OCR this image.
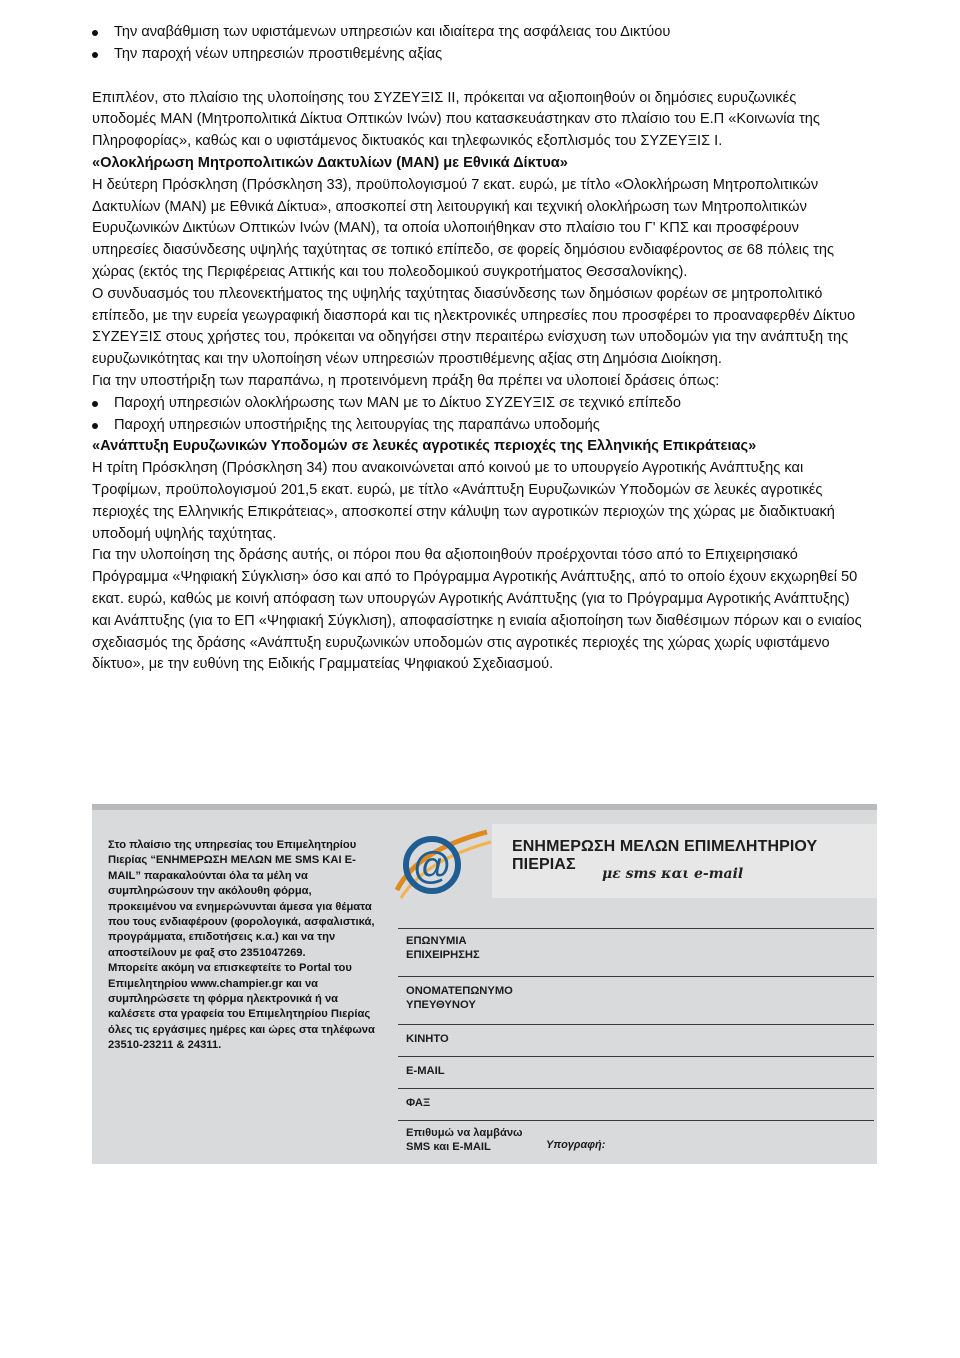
Την αναβάθμιση των υφιστάμενων υπηρεσιών και ιδιαίτερα της ασφάλειας του Δικτύου
Την παροχή νέων υπηρεσιών προστιθεμένης αξίας

Επιπλέον, στο πλαίσιο της υλοποίησης του ΣΥΖΕΥΞΙΣ ΙΙ, πρόκειται να αξιοποιηθούν οι δημόσιες ευρυζωνικές υποδομές ΜΑΝ (Μητροπολιτικά Δίκτυα Οπτικών Ινών) που κατασκευάστηκαν στο πλαίσιο του Ε.Π «Κοινωνία της Πληροφορίας», καθώς και ο υφιστάμενος δικτυακός και τηλεφωνικός εξοπλισμός του ΣΥΖΕΥΞΙΣ Ι.

«Ολοκλήρωση Μητροπολιτικών Δακτυλίων (MAN) με Εθνικά Δίκτυα»

Η δεύτερη Πρόσκληση (Πρόσκληση 33), προϋπολογισμού 7 εκατ. ευρώ, με τίτλο «Ολοκλήρωση Μητροπολιτικών Δακτυλίων (MAN) με Εθνικά Δίκτυα», αποσκοπεί στη λειτουργική και τεχνική ολοκλήρωση των Μητροπολιτικών Ευρυζωνικών Δικτύων Οπτικών Ινών (MAN), τα οποία υλοποιήθηκαν στο πλαίσιο του Γ' ΚΠΣ και προσφέρουν υπηρεσίες διασύνδεσης υψηλής ταχύτητας σε τοπικό επίπεδο, σε φορείς δημόσιου ενδιαφέροντος σε 68 πόλεις της χώρας (εκτός της Περιφέρειας Αττικής και του πολεοδομικού συγκροτήματος Θεσσαλονίκης).

Ο συνδυασμός του πλεονεκτήματος της υψηλής ταχύτητας διασύνδεσης των δημόσιων φορέων σε μητροπολιτικό επίπεδο, με την ευρεία γεωγραφική διασπορά και τις ηλεκτρονικές υπηρεσίες που προσφέρει το προαναφερθέν Δίκτυο ΣΥΖΕΥΞΙΣ στους χρήστες του, πρόκειται να οδηγήσει στην περαιτέρω ενίσχυση των υποδομών για την ανάπτυξη της ευρυζωνικότητας και την υλοποίηση νέων υπηρεσιών προστιθέμενης αξίας στη Δημόσια Διοίκηση.

Για την υποστήριξη των παραπάνω, η προτεινόμενη πράξη θα πρέπει να υλοποιεί δράσεις όπως:

Παροχή υπηρεσιών ολοκλήρωσης των MAN με το Δίκτυο ΣΥΖΕΥΞΙΣ σε τεχνικό επίπεδο
Παροχή υπηρεσιών υποστήριξης της λειτουργίας της παραπάνω υποδομής

«Ανάπτυξη Ευρυζωνικών Υποδομών σε λευκές αγροτικές περιοχές της Ελληνικής Επικράτειας»

Η τρίτη Πρόσκληση (Πρόσκληση 34) που ανακοινώνεται από κοινού με το υπουργείο Αγροτικής Ανάπτυξης και Τροφίμων, προϋπολογισμού 201,5 εκατ. ευρώ, με τίτλο «Ανάπτυξη Ευρυζωνικών Υποδομών σε λευκές αγροτικές περιοχές της Ελληνικής Επικράτειας», αποσκοπεί στην κάλυψη των αγροτικών περιοχών της χώρας με διαδικτυακή υποδομή υψηλής ταχύτητας.

Για την υλοποίηση της δράσης αυτής, οι πόροι που θα αξιοποιηθούν προέρχονται τόσο από το Επιχειρησιακό Πρόγραμμα «Ψηφιακή Σύγκλιση» όσο και από το Πρόγραμμα Αγροτικής Ανάπτυξης, από το οποίο έχουν εκχωρηθεί 50 εκατ. ευρώ, καθώς με κοινή απόφαση των υπουργών Αγροτικής Ανάπτυξης (για το Πρόγραμμα Αγροτικής Ανάπτυξης) και Ανάπτυξης (για το ΕΠ «Ψηφιακή Σύγκλιση), αποφασίστηκε η ενιαία αξιοποίηση των διαθέσιμων πόρων και ο ενιαίος σχεδιασμός της δράσης «Ανάπτυξη ευρυζωνικών υποδομών στις αγροτικές περιοχές της χώρας χωρίς υφιστάμενο δίκτυο», με την ευθύνη της Ειδικής Γραμματείας Ψηφιακού Σχεδιασμού.

Στο πλαίσιο της υπηρεσίας του Επιμελητηρίου Πιερίας “ΕΝΗΜΕΡΩΣΗ ΜΕΛΩΝ ΜΕ SMS ΚΑΙ E-MAIL” παρακαλούνται όλα τα μέλη να συμπληρώσουν την ακόλουθη φόρμα, προκειμένου να ενημερώνυνται άμεσα για θέματα που τους ενδιαφέρουν (φορολογικά, ασφαλιστικά, προγράμματα, επιδοτήσεις κ.α.) και να την αποστείλουν με φαξ στο 2351047269.

Μπορείτε ακόμη να επισκεφτείτε το Portal του Επιμελητηρίου www.champier.gr και να συμπληρώσετε τη φόρμα ηλεκτρονικά ή να καλέσετε στα γραφεία του Επιμελητηρίου Πιερίας όλες τις εργάσιμες ημέρες και ώρες στα τηλέφωνα 23510-23211 & 24311.

@	ΕΝΗΜΕΡΩΣΗ ΜΕΛΩΝ ΕΠΙΜΕΛΗΤΗΡΙΟΥ ΠΙΕΡΙΑΣ
με sms και e-mail
ΕΠΩΝΥΜΙΑ
ΕΠΙΧΕΙΡΗΣΗΣ
ΟΝΟΜΑΤΕΠΩΝΥΜΟ
ΥΠΕΥΘΥΝΟΥ
ΚΙΝΗΤΟ
E-MAIL
ΦΑΞ
Επιθυμώ να λαμβάνω
SMS και E-MAIL	Υπογραφή:
